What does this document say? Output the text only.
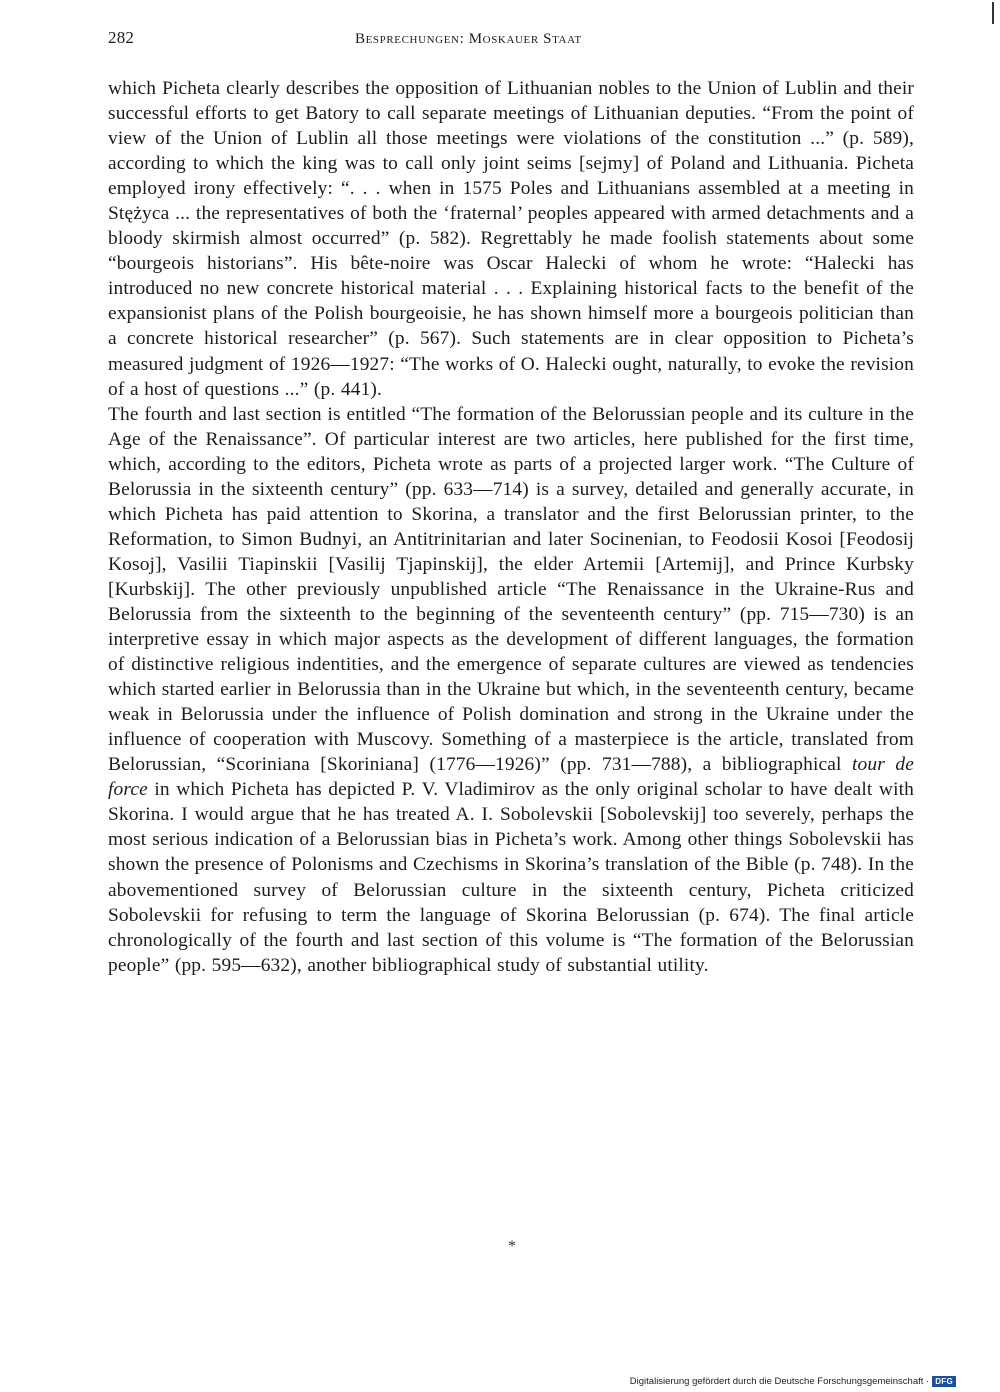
282	Besprechungen: Moskauer Staat

which Picheta clearly describes the opposition of Lithuanian nobles to the Union of Lublin and their successful efforts to get Batory to call separate meetings of Lithuanian deputies. “From the point of view of the Union of Lublin all those meetings were violations of the constitution ...” (p. 589), according to which the king was to call only joint seims [sejmy] of Poland and Lithuania. Picheta employed irony effectively: “. . . when in 1575 Poles and Lithuanians assembled at a meeting in Stężyca ... the representatives of both the ‘fraternal’ peoples appeared with armed detachments and a bloody skirmish almost occurred” (p. 582). Regrettably he made foolish statements about some “bourgeois historians”. His bête-noire was Oscar Halecki of whom he wrote: “Halecki has introduced no new concrete historical material . . . Explaining historical facts to the benefit of the expansionist plans of the Polish bourgeoisie, he has shown himself more a bourgeois politician than a concrete historical researcher” (p. 567). Such statements are in clear opposition to Picheta’s measured judgment of 1926—1927: “The works of O. Halecki ought, naturally, to evoke the revision of a host of questions ...” (p. 441).

The fourth and last section is entitled “The formation of the Belorussian people and its culture in the Age of the Renaissance”. Of particular interest are two articles, here published for the first time, which, according to the editors, Picheta wrote as parts of a projected larger work. “The Culture of Belorussia in the sixteenth century” (pp. 633—714) is a survey, detailed and generally accurate, in which Picheta has paid attention to Skorina, a translator and the first Belorussian printer, to the Reformation, to Simon Budnyi, an Antitrinitarian and later Socinenian, to Feodosii Kosoi [Feodosij Kosoj], Vasilii Tiapinskii [Vasilij Tjapinskij], the elder Artemii [Artemij], and Prince Kurbsky [Kurbskij]. The other previously unpublished article “The Renaissance in the Ukraine-Rus and Belorussia from the sixteenth to the beginning of the seventeenth century” (pp. 715—730) is an interpretive essay in which major aspects as the development of different languages, the formation of distinctive religious indentities, and the emergence of separate cultures are viewed as tendencies which started earlier in Belorussia than in the Ukraine but which, in the seventeenth century, became weak in Belorussia under the influence of Polish domination and strong in the Ukraine under the influence of cooperation with Muscovy. Something of a masterpiece is the article, translated from Belorussian, “Scoriniana [Skoriniana] (1776—1926)” (pp. 731—788), a bibliographical tour de force in which Picheta has depicted P. V. Vladimirov as the only original scholar to have dealt with Skorina. I would argue that he has treated A. I. Sobolevskii [Sobolevskij] too severely, perhaps the most serious indication of a Belorussian bias in Picheta’s work. Among other things Sobolevskii has shown the presence of Polonisms and Czechisms in Skorina’s translation of the Bible (p. 748). In the abovementioned survey of Belorussian culture in the sixteenth century, Picheta criticized Sobolevskii for refusing to term the language of Skorina Belorussian (p. 674). The final article chronologically of the fourth and last section of this volume is “The formation of the Belorussian people” (pp. 595—632), another bibliographical study of substantial utility.

*
Digitalisierung gefördert durch die Deutsche Forschungsgemeinschaft · DFG
